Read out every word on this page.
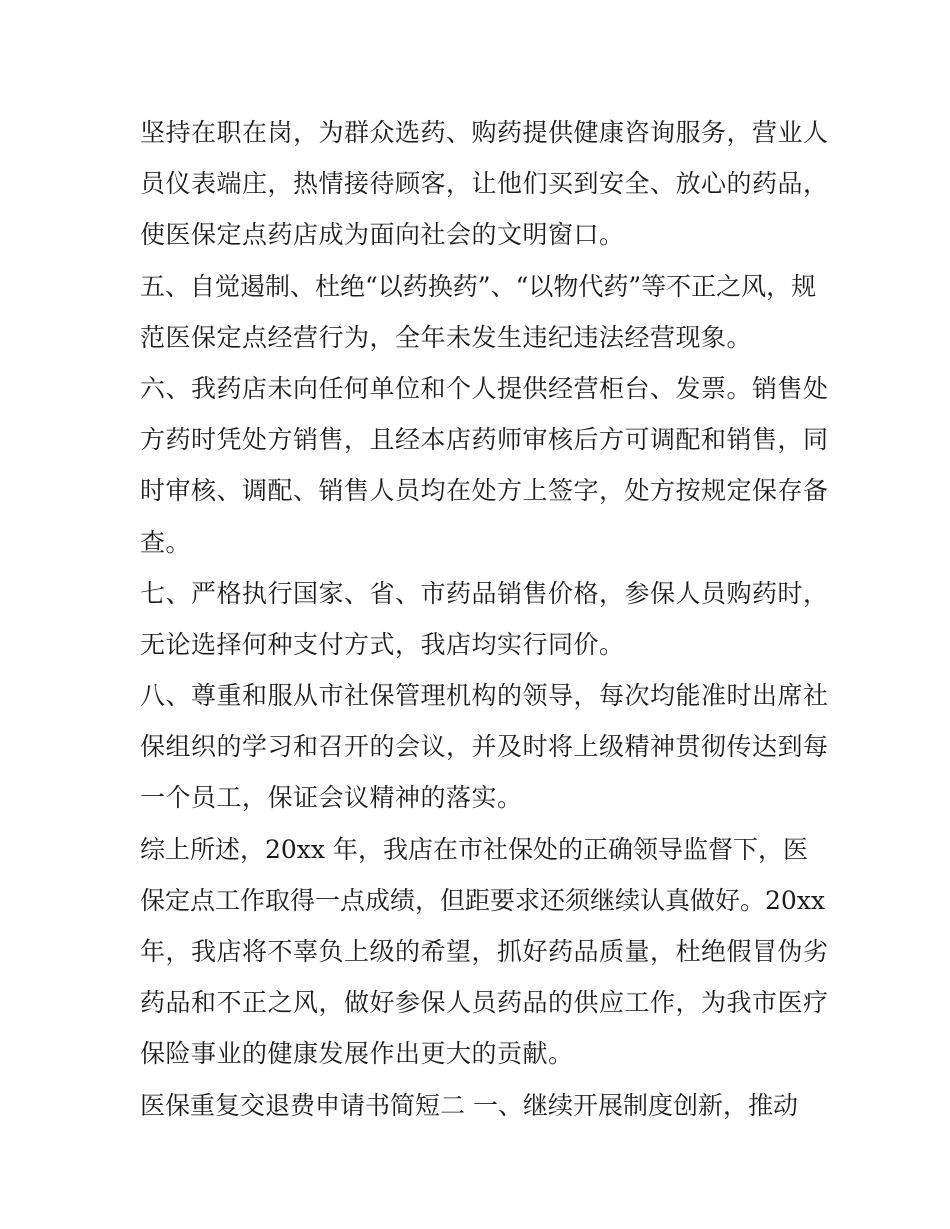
坚持在职在岗，为群众选药、购药提供健康咨询服务，营业人
员仪表端庄，热情接待顾客，让他们买到安全、放心的药品，
使医保定点药店成为面向社会的文明窗口。
五、自觉遏制、杜绝“以药换药”、“以物代药”等不正之风，规
范医保定点经营行为，全年未发生违纪违法经营现象。
六、我药店未向任何单位和个人提供经营柜台、发票。销售处
方药时凭处方销售，且经本店药师审核后方可调配和销售，同
时审核、调配、销售人员均在处方上签字，处方按规定保存备
查。
七、严格执行国家、省、市药品销售价格，参保人员购药时，
无论选择何种支付方式，我店均实行同价。
八、尊重和服从市社保管理机构的领导，每次均能准时出席社
保组织的学习和召开的会议，并及时将上级精神贯彻传达到每
一个员工，保证会议精神的落实。
综上所述，20xx 年，我店在市社保处的正确领导监督下，医
保定点工作取得一点成绩，但距要求还须继续认真做好。20xx
年，我店将不辜负上级的希望，抓好药品质量，杜绝假冒伪劣
药品和不正之风，做好参保人员药品的供应工作，为我市医疗
保险事业的健康发展作出更大的贡献。
医保重复交退费申请书简短二 一、继续开展制度创新，推动
